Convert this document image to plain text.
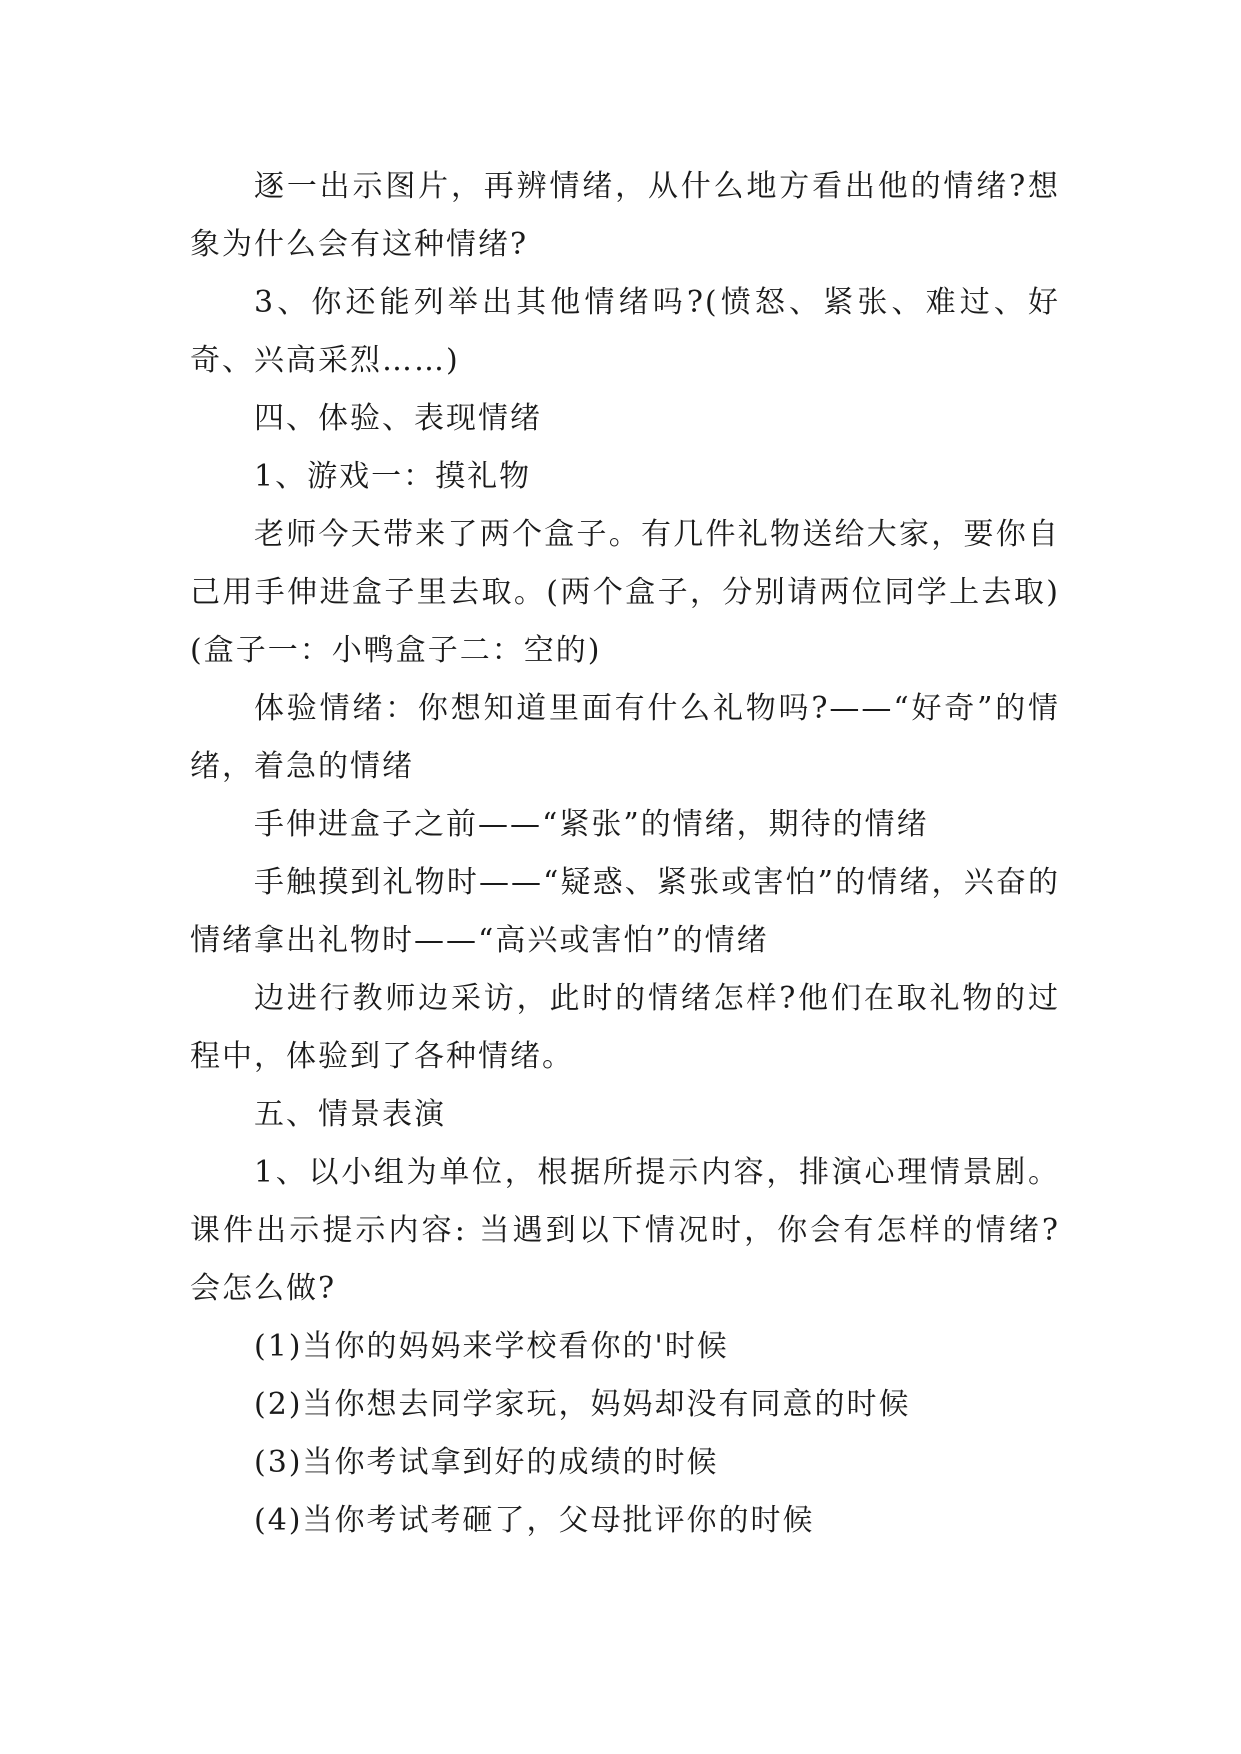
逐一出示图片，再辨情绪，从什么地方看出他的情绪?想象为什么会有这种情绪?

3、你还能列举出其他情绪吗?(愤怒、紧张、难过、好奇、兴高采烈……)

四、体验、表现情绪

1、游戏一：摸礼物

老师今天带来了两个盒子。有几件礼物送给大家，要你自己用手伸进盒子里去取。(两个盒子，分别请两位同学上去取) (盒子一：小鸭盒子二：空的)

体验情绪：你想知道里面有什么礼物吗?——“好奇”的情绪，着急的情绪

手伸进盒子之前——“紧张”的情绪，期待的情绪

手触摸到礼物时——“疑惑、紧张或害怕”的情绪，兴奋的情绪拿出礼物时——“高兴或害怕”的情绪

边进行教师边采访，此时的情绪怎样?他们在取礼物的过程中，体验到了各种情绪。

五、情景表演

1、以小组为单位，根据所提示内容，排演心理情景剧。课件出示提示内容: 当遇到以下情况时，你会有怎样的情绪?会怎么做?

(1)当你的妈妈来学校看你的'时候

(2)当你想去同学家玩，妈妈却没有同意的时候

(3)当你考试拿到好的成绩的时候

(4)当你考试考砸了，父母批评你的时候
